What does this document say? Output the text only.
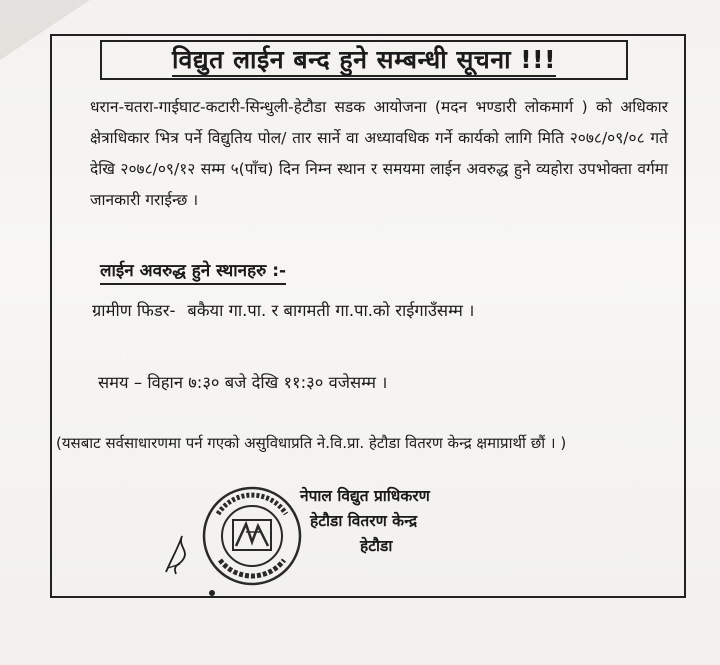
विद्युत लाईन बन्द हुने सम्बन्धी सूचना !!!
धरान-चतरा-गाईघाट-कटारी-सिन्धुली-हेटौडा सडक आयोजना (मदन भण्डारी लोकमार्ग ) को अधिकार क्षेत्राधिकार भित्र पर्ने विद्युतिय पोल/ तार सार्ने वा अध्यावधिक गर्ने कार्यको लागि मिति २०७८/०९/०८ गते देखि २०७८/०९/१२ सम्म ५(पाँच) दिन निम्न स्थान र समयमा लाईन अवरुद्ध हुने व्यहोरा उपभोक्ता वर्गमा जानकारी गराईन्छ ।
लाईन अवरुद्ध हुने स्थानहरु :-
ग्रामीण फिडर- बकैया गा.पा. र बागमती गा.पा.को राईगाउँसम्म ।
समय – विहान ७:३० बजे देखि ११:३० वजेसम्म ।
(यसबाट सर्वसाधारणमा पर्न गएको असुविधाप्रति ने.वि.प्रा. हेटौडा वितरण केन्द्र क्षमाप्रार्थी छौं । )
नेपाल विद्युत प्राधिकरण
हेटौडा वितरण केन्द्र
हेटौडा
